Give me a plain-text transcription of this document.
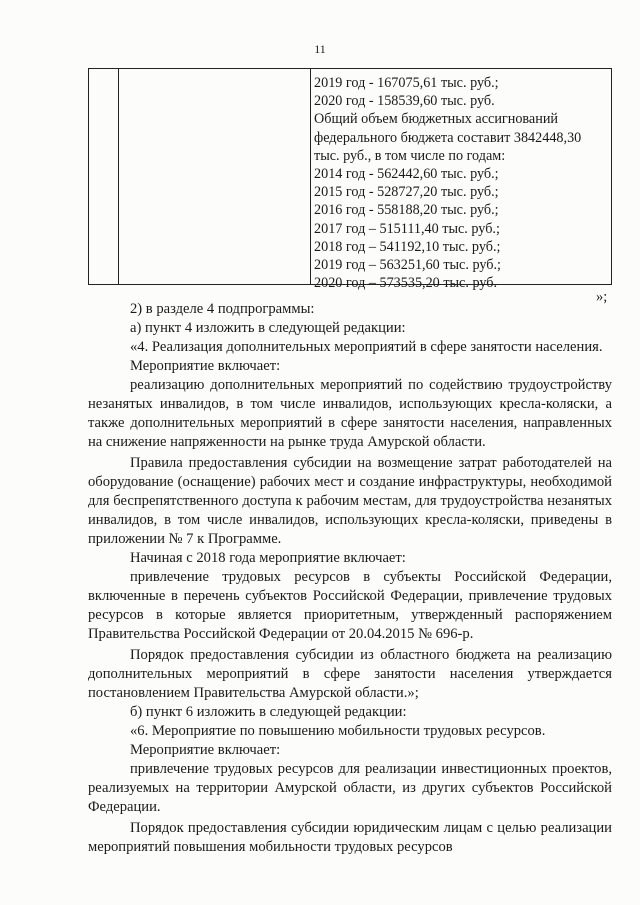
11
2019 год - 167075,61 тыс. руб.;
2020 год - 158539,60 тыс. руб.
Общий объем бюджетных ассигнований
федерального бюджета составит 3842448,30
тыс. руб., в том числе по годам:
2014 год - 562442,60 тыс. руб.;
2015 год - 528727,20 тыс. руб.;
2016 год - 558188,20 тыс. руб.;
2017 год – 515111,40 тыс. руб.;
2018 год – 541192,10 тыс. руб.;
2019 год – 563251,60 тыс. руб.;
2020 год – 573535,20 тыс. руб.
»;

2) в разделе 4 подпрограммы:

а) пункт 4 изложить в следующей редакции:

«4. Реализация дополнительных мероприятий в сфере занятости населения.

Мероприятие включает:

реализацию дополнительных мероприятий по содействию трудоустройству незанятых инвалидов, в том числе инвалидов, использующих кресла-коляски, а также дополнительных мероприятий в сфере занятости населения, направленных на снижение напряженности на рынке труда Амурской области.

Правила предоставления субсидии на возмещение затрат работодателей на оборудование (оснащение) рабочих мест и создание инфраструктуры, необходимой для беспрепятственного доступа к рабочим местам, для трудоустройства незанятых инвалидов, в том числе инвалидов, использующих кресла-коляски, приведены в приложении № 7 к Программе.

Начиная с 2018 года мероприятие включает:

привлечение трудовых ресурсов в субъекты Российской Федерации, включенные в перечень субъектов Российской Федерации, привлечение трудовых ресурсов в которые является приоритетным, утвержденный распоряжением Правительства Российской Федерации от 20.04.2015 № 696-р.

Порядок предоставления субсидии из областного бюджета на реализацию дополнительных мероприятий в сфере занятости населения утверждается постановлением Правительства Амурской области.»;

б) пункт 6 изложить в следующей редакции:

«6. Мероприятие по повышению мобильности трудовых ресурсов.

Мероприятие включает:

привлечение трудовых ресурсов для реализации инвестиционных проектов, реализуемых на территории Амурской области, из других субъектов Российской Федерации.

Порядок предоставления субсидии юридическим лицам с целью реализации мероприятий повышения мобильности трудовых ресурсов
